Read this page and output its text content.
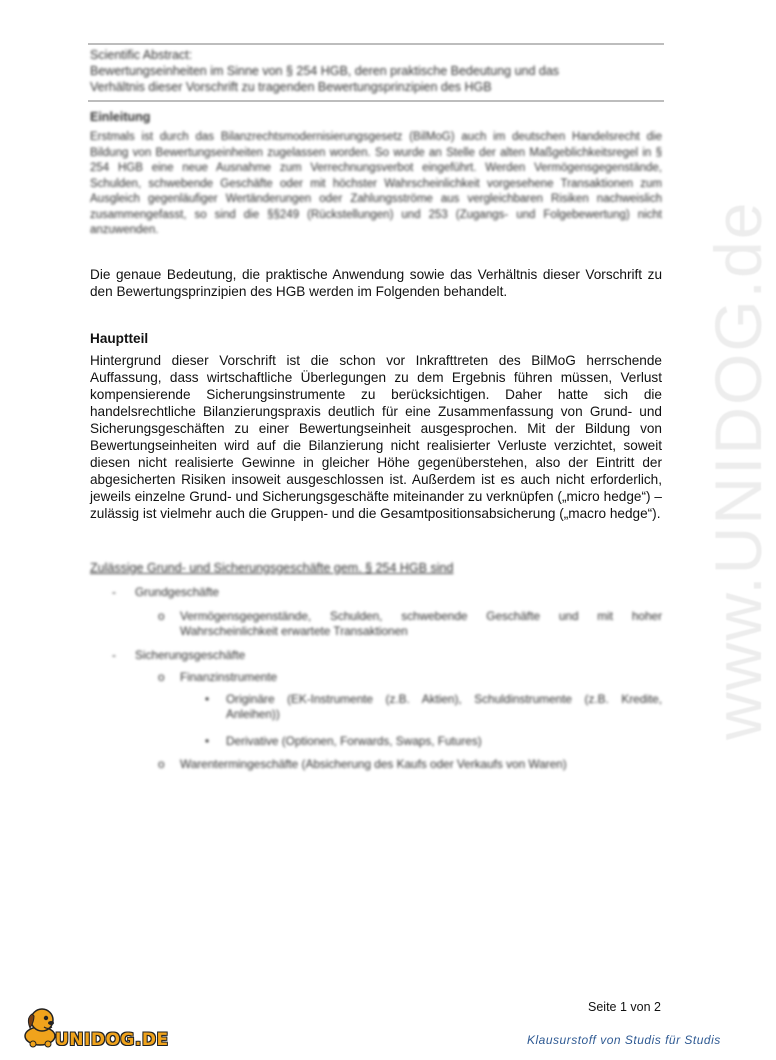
www.UNIDOG.de
Scientific Abstract:
Bewertungseinheiten im Sinne von § 254 HGB, deren praktische Bedeutung und das
Verhältnis dieser Vorschrift zu tragenden Bewertungsprinzipien des HGB
Einleitung
Erstmals ist durch das Bilanzrechtsmodernisierungsgesetz (BilMoG) auch im deutschen Handelsrecht die Bildung von Bewertungseinheiten zugelassen worden. So wurde an Stelle der alten Maßgeblichkeitsregel in § 254 HGB eine neue Ausnahme zum Verrechnungsverbot eingeführt. Werden Vermögensgegenstände, Schulden, schwebende Geschäfte oder mit höchster Wahrscheinlichkeit vorgesehene Transaktionen zum Ausgleich gegenläufiger Wertänderungen oder Zahlungsströme aus vergleichbaren Risiken nachweislich zusammengefasst, so sind die §§249 (Rückstellungen) und 253 (Zugangs- und Folgebewertung) nicht anzuwenden.
Die genaue Bedeutung, die praktische Anwendung sowie das Verhältnis dieser Vorschrift zu den Bewertungsprinzipien des HGB werden im Folgenden behandelt.
Hauptteil
Hintergrund dieser Vorschrift ist die schon vor Inkrafttreten des BilMoG herrschende Auffassung, dass wirtschaftliche Überlegungen zu dem Ergebnis führen müssen, Verlust kompensierende Sicherungsinstrumente zu berücksichtigen. Daher hatte sich die handelsrechtliche Bilanzierungspraxis deutlich für eine Zusammenfassung von Grund- und Sicherungsgeschäften zu einer Bewertungseinheit ausgesprochen. Mit der Bildung von Bewertungseinheiten wird auf die Bilanzierung nicht realisierter Verluste verzichtet, soweit diesen nicht realisierte Gewinne in gleicher Höhe gegenüberstehen, also der Eintritt der abgesicherten Risiken insoweit ausgeschlossen ist. Außerdem ist es auch nicht erforderlich, jeweils einzelne Grund- und Sicherungsgeschäfte miteinander zu verknüpfen („micro hedge“) – zulässig ist vielmehr auch die Gruppen- und die Gesamtpositionsabsicherung („macro hedge“).
Zulässige Grund- und Sicherungsgeschäfte gem. § 254 HGB sind
- Grundgeschäfte
o Vermögensgegenstände, Schulden, schwebende Geschäfte und mit hoher Wahrscheinlichkeit erwartete Transaktionen
- Sicherungsgeschäfte
o Finanzinstrumente
• Originäre (EK-Instrumente (z.B. Aktien), Schuldinstrumente (z.B. Kredite, Anleihen))
• Derivative (Optionen, Forwards, Swaps, Futures)
o Warentermingeschäfte (Absicherung des Kaufs oder Verkaufs von Waren)
Seite 1 von 2
UNIDOG.DE	Klausurstoff von Studis für Studis
